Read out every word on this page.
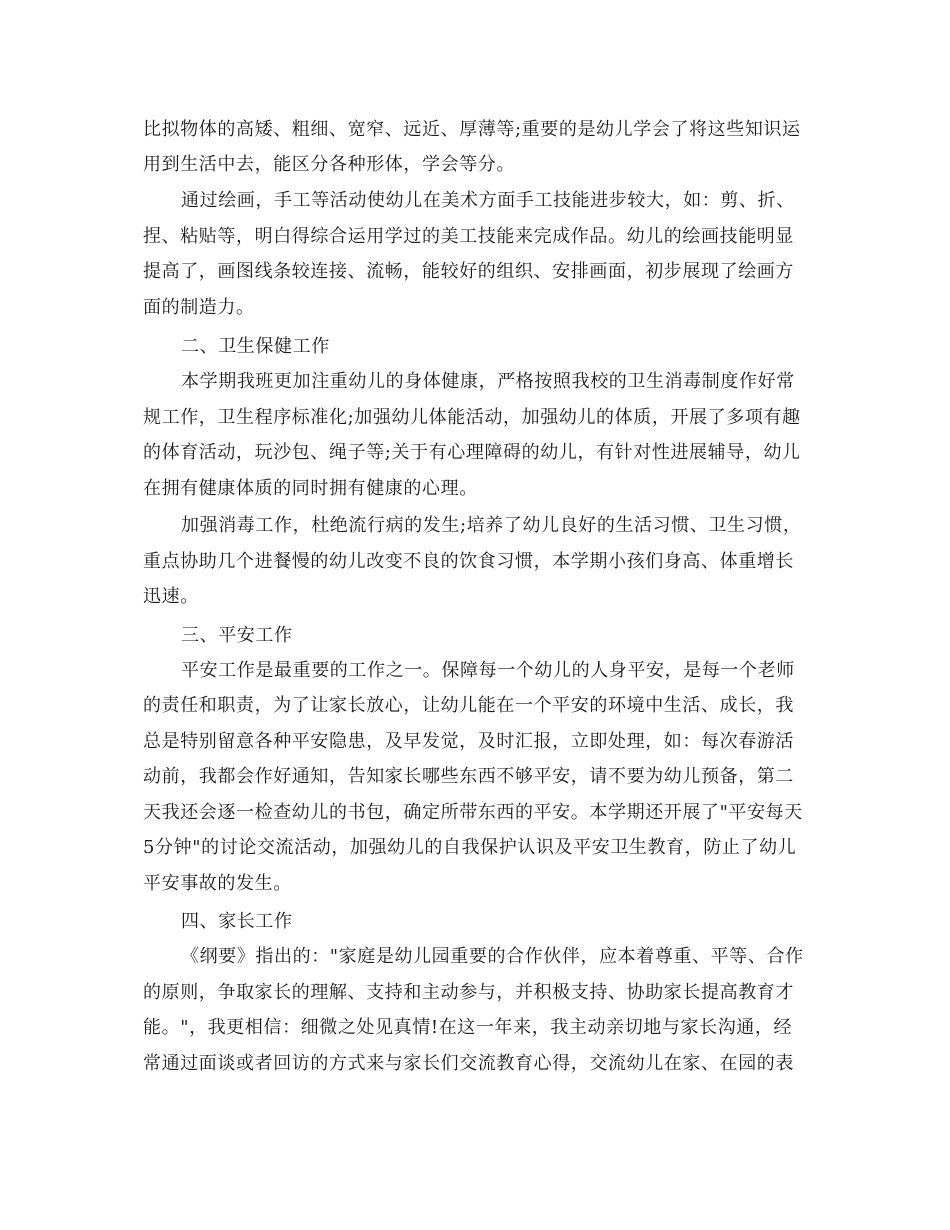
比拟物体的高矮、粗细、宽窄、远近、厚薄等;重要的是幼儿学会了将这些知识运
用到生活中去，能区分各种形体，学会等分。
通过绘画，手工等活动使幼儿在美术方面手工技能进步较大，如：剪、折、
捏、粘贴等，明白得综合运用学过的美工技能来完成作品。幼儿的绘画技能明显
提高了，画图线条较连接、流畅，能较好的组织、安排画面，初步展现了绘画方
面的制造力。
二、卫生保健工作
本学期我班更加注重幼儿的身体健康，严格按照我校的卫生消毒制度作好常
规工作，卫生程序标准化;加强幼儿体能活动，加强幼儿的体质，开展了多项有趣
的体育活动，玩沙包、绳子等;关于有心理障碍的幼儿，有针对性进展辅导，幼儿
在拥有健康体质的同时拥有健康的心理。
加强消毒工作，杜绝流行病的发生;培养了幼儿良好的生活习惯、卫生习惯，
重点协助几个进餐慢的幼儿改变不良的饮食习惯，本学期小孩们身高、体重增长
迅速。
三、平安工作
平安工作是最重要的工作之一。保障每一个幼儿的人身平安，是每一个老师
的责任和职责，为了让家长放心，让幼儿能在一个平安的环境中生活、成长，我
总是特别留意各种平安隐患，及早发觉，及时汇报，立即处理，如：每次春游活
动前，我都会作好通知，告知家长哪些东西不够平安，请不要为幼儿预备，第二
天我还会逐一检查幼儿的书包，确定所带东西的平安。本学期还开展了"平安每天
5分钟"的讨论交流活动，加强幼儿的自我保护认识及平安卫生教育，防止了幼儿
平安事故的发生。
四、家长工作
《纲要》指出的："家庭是幼儿园重要的合作伙伴，应本着尊重、平等、合作
的原则，争取家长的理解、支持和主动参与，并积极支持、协助家长提高教育才
能。"，我更相信：细微之处见真情!在这一年来，我主动亲切地与家长沟通，经
常通过面谈或者回访的方式来与家长们交流教育心得，交流幼儿在家、在园的表
